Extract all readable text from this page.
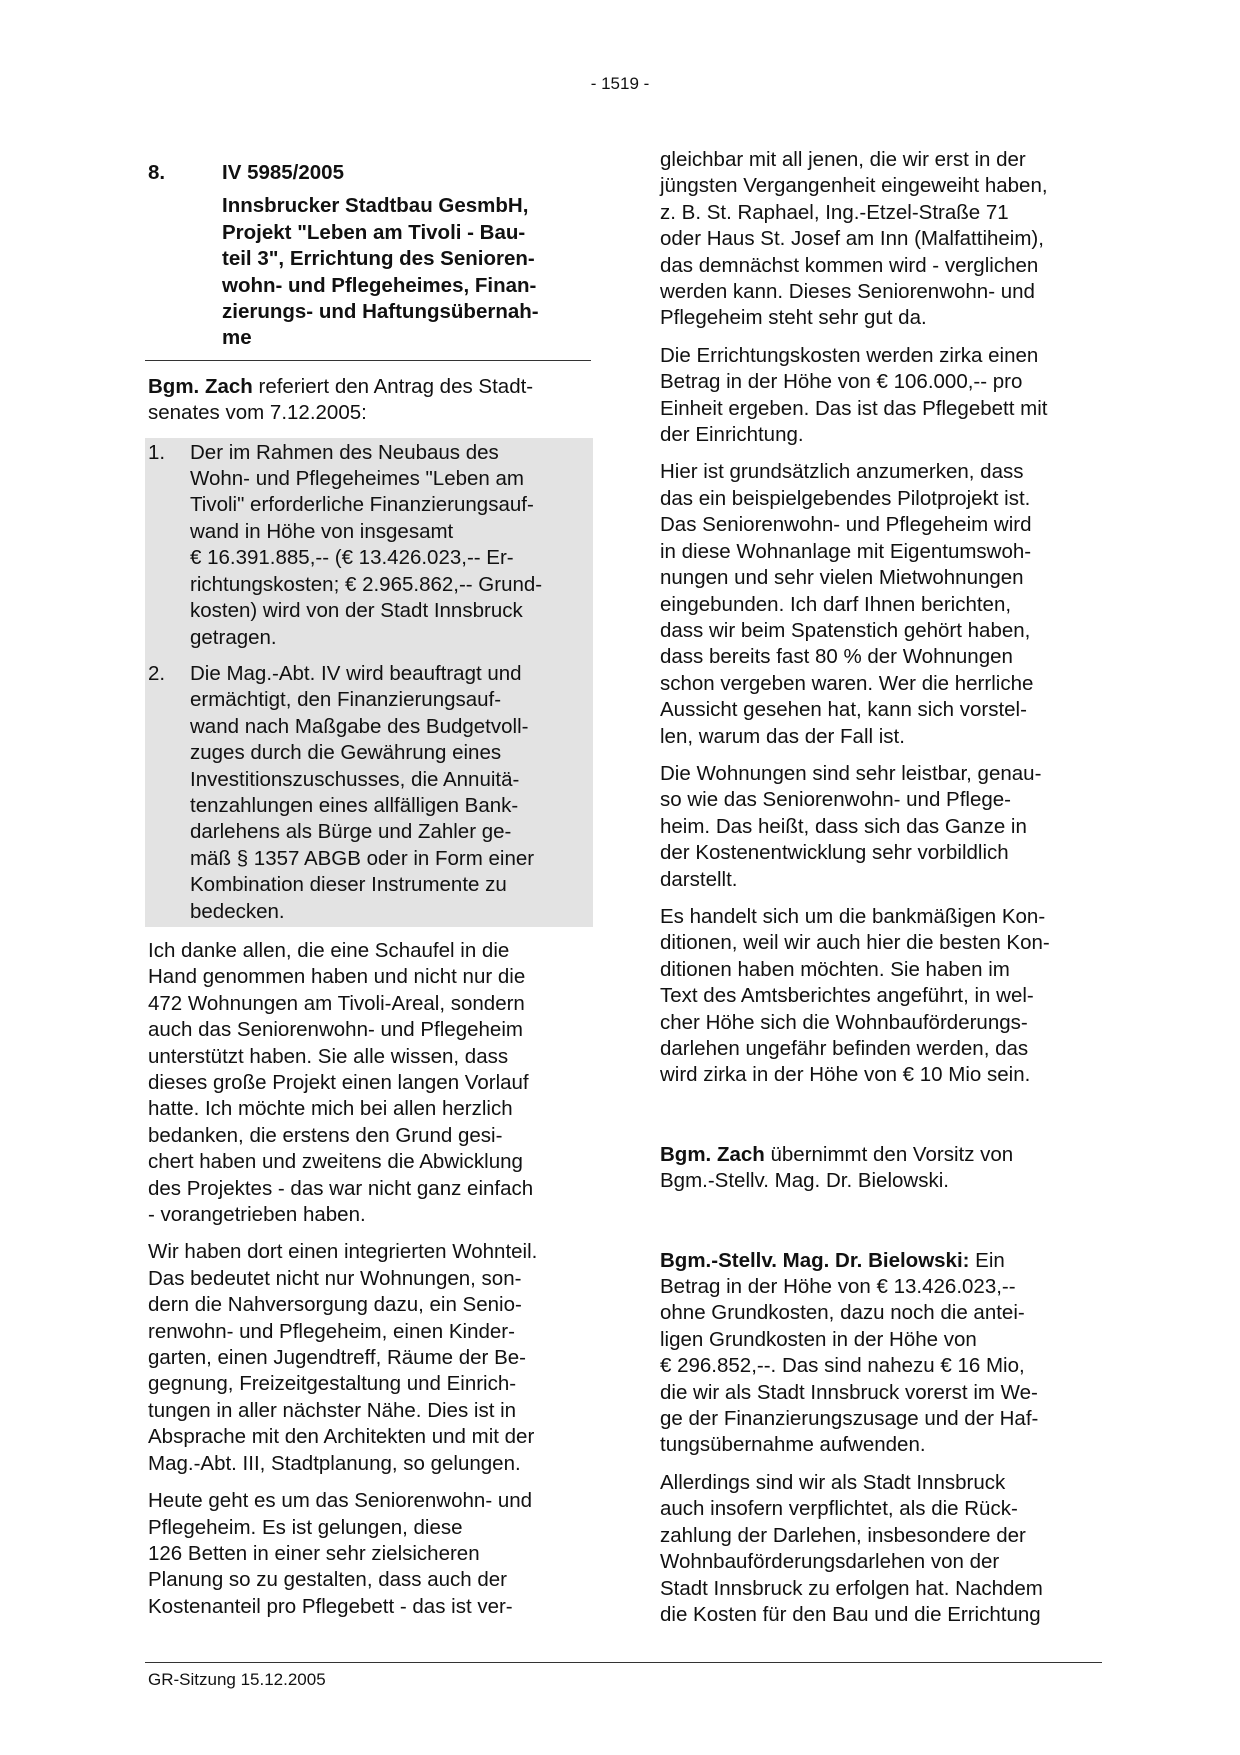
- 1519 -
8.	IV 5985/2005
Innsbrucker Stadtbau GesmbH,
Projekt "Leben am Tivoli - Bau-
teil 3", Errichtung des Senioren-
wohn- und Pflegeheimes, Finan-
zierungs- und Haftungsübernah-
me

Bgm. Zach referiert den Antrag des Stadt-
senates vom 7.12.2005:

1.	Der im Rahmen des Neubaus des
Wohn- und Pflegeheimes "Leben am
Tivoli" erforderliche Finanzierungsauf-
wand in Höhe von insgesamt
€ 16.391.885,-- (€ 13.426.023,-- Er-
richtungskosten; € 2.965.862,-- Grund-
kosten) wird von der Stadt Innsbruck
getragen.
2.	Die Mag.-Abt. IV wird beauftragt und
ermächtigt, den Finanzierungsauf-
wand nach Maßgabe des Budgetvoll-
zuges durch die Gewährung eines
Investitionszuschusses, die Annuitä-
tenzahlungen eines allfälligen Bank-
darlehens als Bürge und Zahler ge-
mäß § 1357 ABGB oder in Form einer
Kombination dieser Instrumente zu
bedecken.

Ich danke allen, die eine Schaufel in die
Hand genommen haben und nicht nur die
472 Wohnungen am Tivoli-Areal, sondern
auch das Seniorenwohn- und Pflegeheim
unterstützt haben. Sie alle wissen, dass
dieses große Projekt einen langen Vorlauf
hatte. Ich möchte mich bei allen herzlich
bedanken, die erstens den Grund gesi-
chert haben und zweitens die Abwicklung
des Projektes - das war nicht ganz einfach
- vorangetrieben haben.

Wir haben dort einen integrierten Wohnteil.
Das bedeutet nicht nur Wohnungen, son-
dern die Nahversorgung dazu, ein Senio-
renwohn- und Pflegeheim, einen Kinder-
garten, einen Jugendtreff, Räume der Be-
gegnung, Freizeitgestaltung und Einrich-
tungen in aller nächster Nähe. Dies ist in
Absprache mit den Architekten und mit der
Mag.-Abt. III, Stadtplanung, so gelungen.

Heute geht es um das Seniorenwohn- und
Pflegeheim. Es ist gelungen, diese
126 Betten in einer sehr zielsicheren
Planung so zu gestalten, dass auch der
Kostenanteil pro Pflegebett - das ist ver-

gleichbar mit all jenen, die wir erst in der
jüngsten Vergangenheit eingeweiht haben,
z. B. St. Raphael, Ing.-Etzel-Straße 71
oder Haus St. Josef am Inn (Malfattiheim),
das demnächst kommen wird - verglichen
werden kann. Dieses Seniorenwohn- und
Pflegeheim steht sehr gut da.

Die Errichtungskosten werden zirka einen
Betrag in der Höhe von € 106.000,-- pro
Einheit ergeben. Das ist das Pflegebett mit
der Einrichtung.

Hier ist grundsätzlich anzumerken, dass
das ein beispielgebendes Pilotprojekt ist.
Das Seniorenwohn- und Pflegeheim wird
in diese Wohnanlage mit Eigentumswoh-
nungen und sehr vielen Mietwohnungen
eingebunden. Ich darf Ihnen berichten,
dass wir beim Spatenstich gehört haben,
dass bereits fast 80 % der Wohnungen
schon vergeben waren. Wer die herrliche
Aussicht gesehen hat, kann sich vorstel-
len, warum das der Fall ist.

Die Wohnungen sind sehr leistbar, genau-
so wie das Seniorenwohn- und Pflege-
heim. Das heißt, dass sich das Ganze in
der Kostenentwicklung sehr vorbildlich
darstellt.

Es handelt sich um die bankmäßigen Kon-
ditionen, weil wir auch hier die besten Kon-
ditionen haben möchten. Sie haben im
Text des Amtsberichtes angeführt, in wel-
cher Höhe sich die Wohnbauförderungs-
darlehen ungefähr befinden werden, das
wird zirka in der Höhe von € 10 Mio sein.

Bgm. Zach übernimmt den Vorsitz von
Bgm.-Stellv. Mag. Dr. Bielowski.

Bgm.-Stellv. Mag. Dr. Bielowski: Ein
Betrag in der Höhe von € 13.426.023,--
ohne Grundkosten, dazu noch die antei-
ligen Grundkosten in der Höhe von
€ 296.852,--. Das sind nahezu € 16 Mio,
die wir als Stadt Innsbruck vorerst im We-
ge der Finanzierungszusage und der Haf-
tungsübernahme aufwenden.

Allerdings sind wir als Stadt Innsbruck
auch insofern verpflichtet, als die Rück-
zahlung der Darlehen, insbesondere der
Wohnbauförderungsdarlehen von der
Stadt Innsbruck zu erfolgen hat. Nachdem
die Kosten für den Bau und die Errichtung

GR-Sitzung 15.12.2005
